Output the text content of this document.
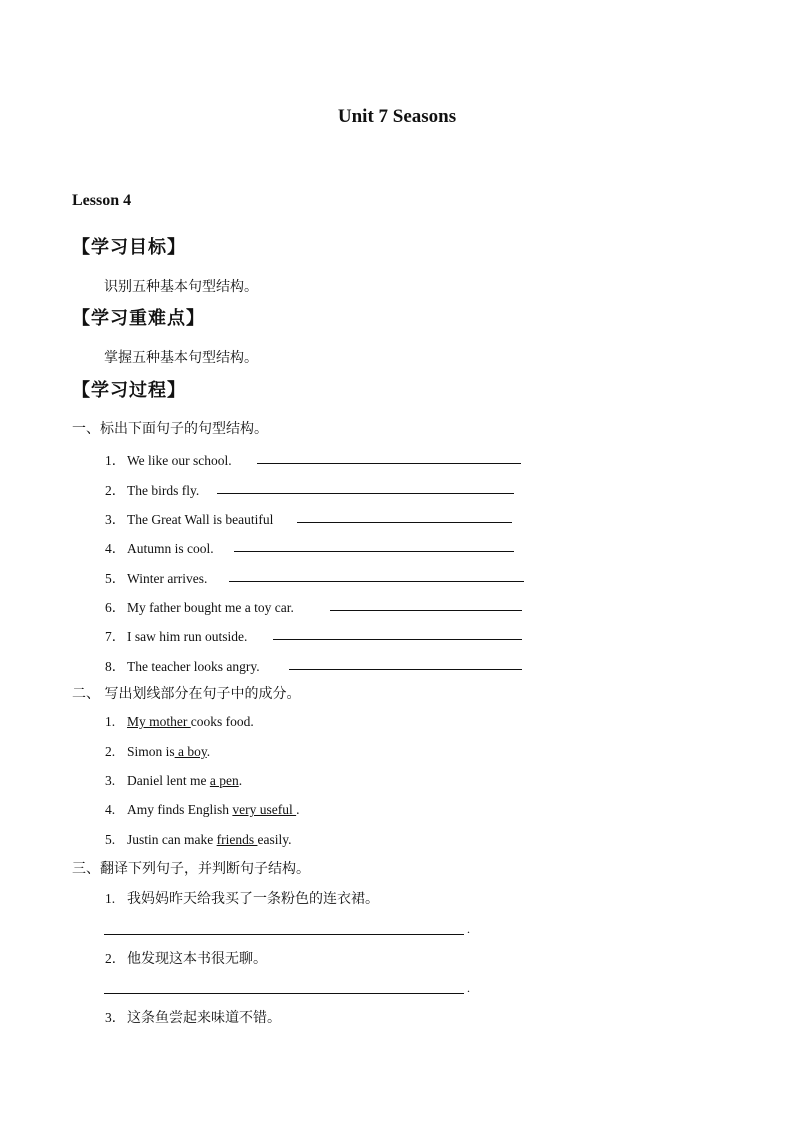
Unit 7 Seasons
Lesson 4
【学习目标】
识别五种基本句型结构。
【学习重难点】
掌握五种基本句型结构。
【学习过程】
一、标出下面句子的句型结构。
1． We like our school.
2． The birds fly.
3． The Great Wall is beautiful
4． Autumn is cool.
5． Winter arrives.
6． My father bought me a toy car.
7． I saw him run outside.
8． The teacher looks angry.
二、 写出划线部分在句子中的成分。
1. My mother cooks food.
2. Simon is a boy.
3. Daniel lent me a pen.
4. Amy finds English very useful .
5. Justin can make friends easily.
三、翻译下列句子，并判断句子结构。
1. 我妈妈昨天给我买了一条粉色的连衣裙。
.
2． 他发现这本书很无聊。
.
3． 这条鱼尝起来味道不错。
